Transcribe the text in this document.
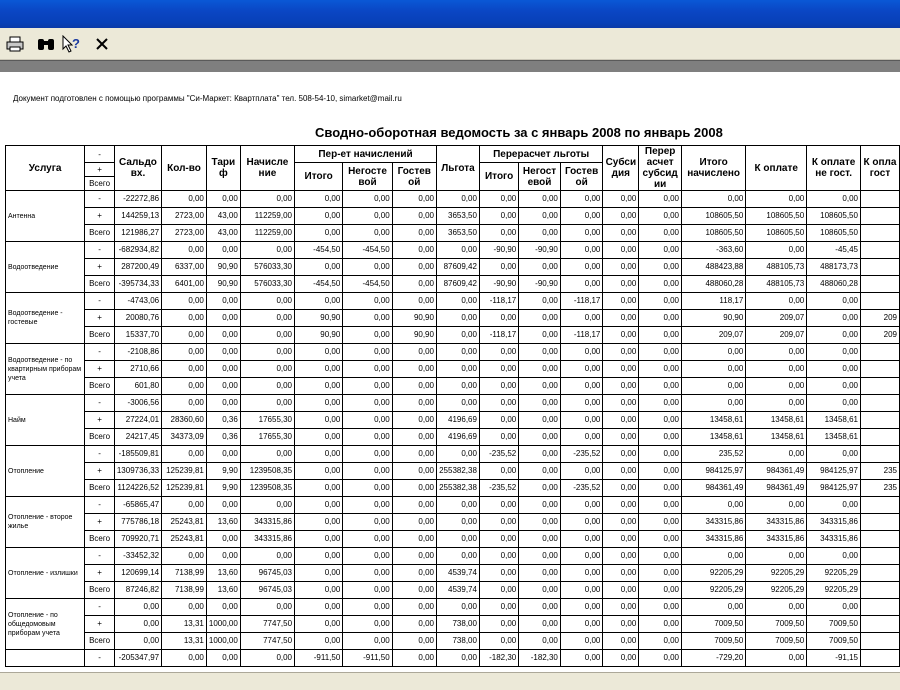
?
Документ подготовлен с помощью программы "Си-Маркет: Квартплата" тел. 508-54-10, simarket@mail.ru
Сводно-оборотная ведомость за с январь 2008 по январь 2008
Услуга	-	Сальдо вх.	Кол-во	Тари ф	Начисле ние	Пер-ет начислений			Льгота	Перерасчет льготы			Субси дия	Перер асчет субсид ии	Итого начислено	К оплате	К оплате не гост.	К опла гост
	+					Итого	Негосте вой	Гостев ой		Итого	Негост евой	Гостев ой						
	Всего																	
Антенна	-	-22272,86	0,00	0,00	0,00	0,00	0,00	0,00	0,00	0,00	0,00	0,00	0,00	0,00	0,00	0,00	0,00	
	+	144259,13	2723,00	43,00	112259,00	0,00	0,00	0,00	3653,50	0,00	0,00	0,00	0,00	0,00	108605,50	108605,50	108605,50	
	Всего	121986,27	2723,00	43,00	112259,00	0,00	0,00	0,00	3653,50	0,00	0,00	0,00	0,00	0,00	108605,50	108605,50	108605,50	
Водоотведение	-	-682934,82	0,00	0,00	0,00	-454,50	-454,50	0,00	0,00	-90,90	-90,90	0,00	0,00	0,00	-363,60	0,00	-45,45	
	+	287200,49	6337,00	90,90	576033,30	0,00	0,00	0,00	87609,42	0,00	0,00	0,00	0,00	0,00	488423,88	488105,73	488173,73	
	Всего	-395734,33	6401,00	90,90	576033,30	-454,50	-454,50	0,00	87609,42	-90,90	-90,90	0,00	0,00	0,00	488060,28	488105,73	488060,28	
Водоотведение - гостевые	-	-4743,06	0,00	0,00	0,00	0,00	0,00	0,00	0,00	-118,17	0,00	-118,17	0,00	0,00	118,17	0,00	0,00	
	+	20080,76	0,00	0,00	0,00	90,90	0,00	90,90	0,00	0,00	0,00	0,00	0,00	0,00	90,90	209,07	0,00	209
	Всего	15337,70	0,00	0,00	0,00	90,90	0,00	90,90	0,00	-118,17	0,00	-118,17	0,00	0,00	209,07	209,07	0,00	209
Водоотведение - по квартирным приборам учета	-	-2108,86	0,00	0,00	0,00	0,00	0,00	0,00	0,00	0,00	0,00	0,00	0,00	0,00	0,00	0,00	0,00	
	+	2710,66	0,00	0,00	0,00	0,00	0,00	0,00	0,00	0,00	0,00	0,00	0,00	0,00	0,00	0,00	0,00	
	Всего	601,80	0,00	0,00	0,00	0,00	0,00	0,00	0,00	0,00	0,00	0,00	0,00	0,00	0,00	0,00	0,00	
Найм	-	-3006,56	0,00	0,00	0,00	0,00	0,00	0,00	0,00	0,00	0,00	0,00	0,00	0,00	0,00	0,00	0,00	
	+	27224,01	28360,60	0,36	17655,30	0,00	0,00	0,00	4196,69	0,00	0,00	0,00	0,00	0,00	13458,61	13458,61	13458,61	
	Всего	24217,45	34373,09	0,36	17655,30	0,00	0,00	0,00	4196,69	0,00	0,00	0,00	0,00	0,00	13458,61	13458,61	13458,61	
Отопление	-	-185509,81	0,00	0,00	0,00	0,00	0,00	0,00	0,00	-235,52	0,00	-235,52	0,00	0,00	235,52	0,00	0,00	
	+	1309736,33	125239,81	9,90	1239508,35	0,00	0,00	0,00	255382,38	0,00	0,00	0,00	0,00	0,00	984125,97	984361,49	984125,97	235
	Всего	1124226,52	125239,81	9,90	1239508,35	0,00	0,00	0,00	255382,38	-235,52	0,00	-235,52	0,00	0,00	984361,49	984361,49	984125,97	235
Отопление - второе жилье	-	-65865,47	0,00	0,00	0,00	0,00	0,00	0,00	0,00	0,00	0,00	0,00	0,00	0,00	0,00	0,00	0,00	
	+	775786,18	25243,81	13,60	343315,86	0,00	0,00	0,00	0,00	0,00	0,00	0,00	0,00	0,00	343315,86	343315,86	343315,86	
	Всего	709920,71	25243,81	0,00	343315,86	0,00	0,00	0,00	0,00	0,00	0,00	0,00	0,00	0,00	343315,86	343315,86	343315,86	
Отопление - излишки	-	-33452,32	0,00	0,00	0,00	0,00	0,00	0,00	0,00	0,00	0,00	0,00	0,00	0,00	0,00	0,00	0,00	
	+	120699,14	7138,99	13,60	96745,03	0,00	0,00	0,00	4539,74	0,00	0,00	0,00	0,00	0,00	92205,29	92205,29	92205,29	
	Всего	87246,82	7138,99	13,60	96745,03	0,00	0,00	0,00	4539,74	0,00	0,00	0,00	0,00	0,00	92205,29	92205,29	92205,29	
Отопление - по общедомовым приборам учета	-	0,00	0,00	0,00	0,00	0,00	0,00	0,00	0,00	0,00	0,00	0,00	0,00	0,00	0,00	0,00	0,00	
	+	0,00	13,31	1000,00	7747,50	0,00	0,00	0,00	738,00	0,00	0,00	0,00	0,00	0,00	7009,50	7009,50	7009,50	
	Всего	0,00	13,31	1000,00	7747,50	0,00	0,00	0,00	738,00	0,00	0,00	0,00	0,00	0,00	7009,50	7009,50	7009,50	
	-	-205347,97	0,00	0,00	0,00	-911,50	-911,50	0,00	0,00	-182,30	-182,30	0,00	0,00	0,00	-729,20	0,00	-91,15	
